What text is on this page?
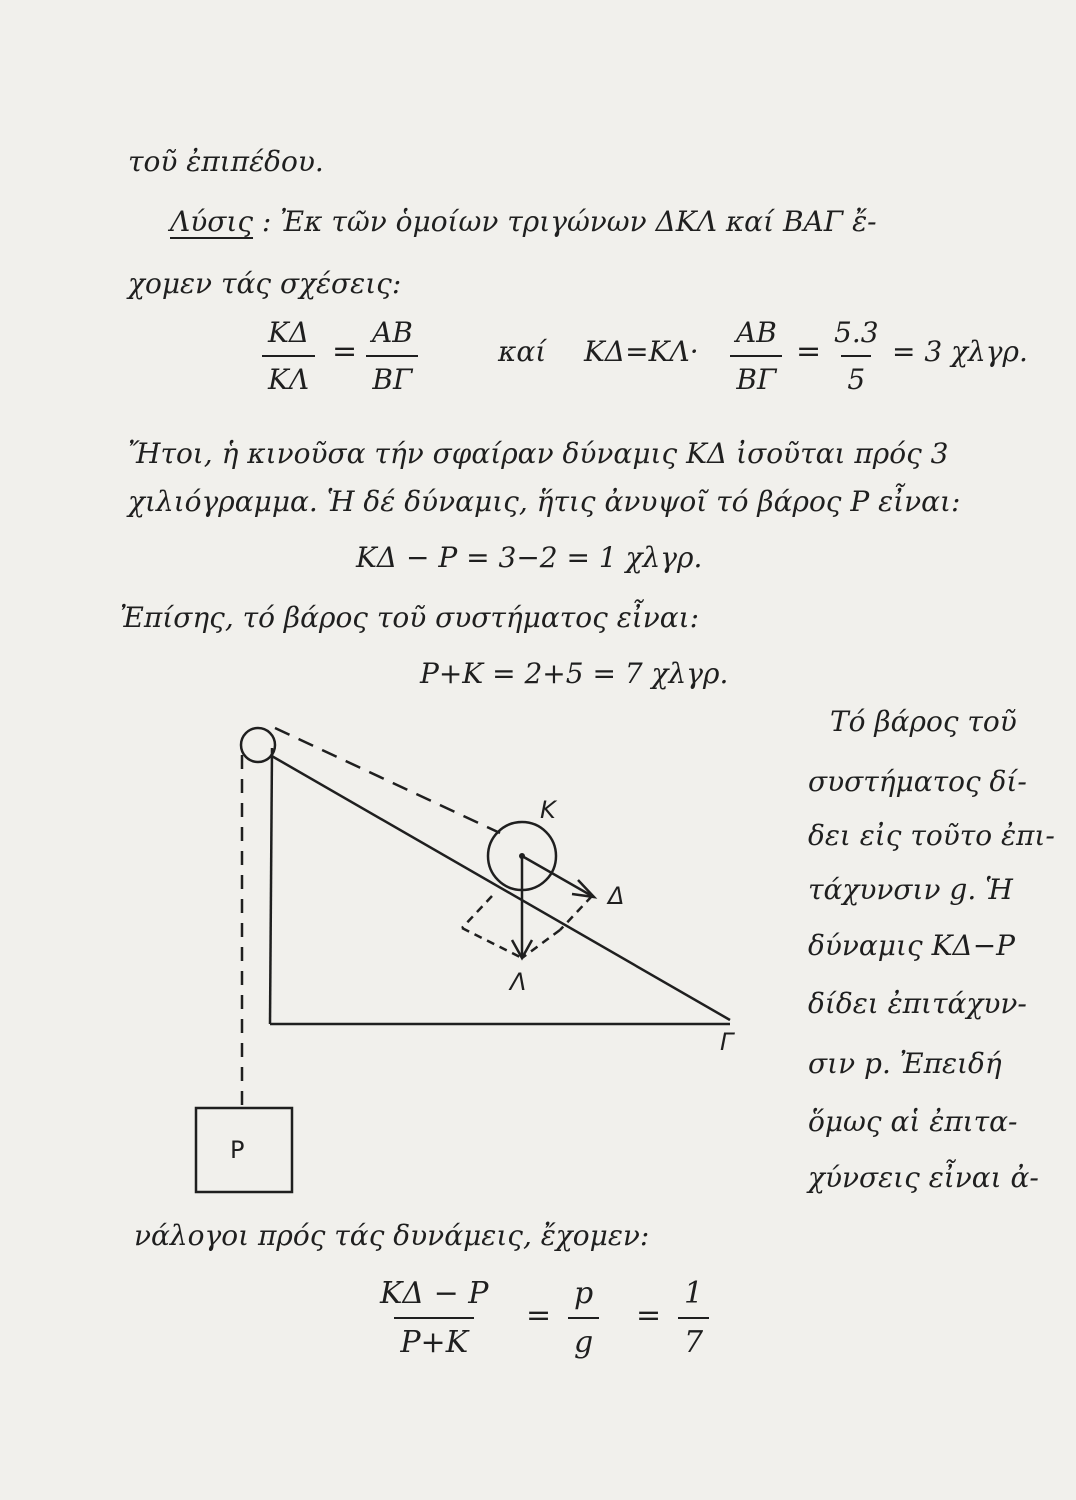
τοῦ ἐπιπέδου.
Λύσις : Ἐκ τῶν ὁμοίων τριγώνων ΔΚΛ καί ΒΑΓ ἔ-
χομεν τάς σχέσεις:
$\frac{K\Delta}{K\Lambda} = \frac{AB}{B\Gamma}$	καί $K\Delta=K\Lambda\cdot \frac{AB}{B\Gamma} = \frac{5.3}{5} = 3$ χλγρ.
Ἤτοι, ἡ κινοῦσα τήν σφαίραν δύναμις ΚΔ ἰσοῦται πρός 3
χιλιόγραμμα. Ἡ δέ δύναμις, ἥτις ἀνυψοῖ τό βάρος P εἶναι:
ΚΔ − P = 3−2 = 1 χλγρ.
Ἐπίσης, τό βάρος τοῦ συστήματος εἶναι:
P+K = 2+5 = 7 χλγρ.
Τό βάρος τοῦ
συστήματος δί-
δει εἰς τοῦτο ἐπι-
τάχυνσιν g. Ἡ
δύναμις ΚΔ−P
δίδει ἐπιτάχυν-
σιν p. Ἐπειδή
ὅμως αἱ ἐπιτα-
χύνσεις εἶναι ἀ-
Κ
Δ
Λ
Γ
P
νάλογοι πρός τάς δυνάμεις, ἔχομεν:
$\frac{K\Delta - P}{P+K} = \frac{p}{g} = \frac{1}{7}$
